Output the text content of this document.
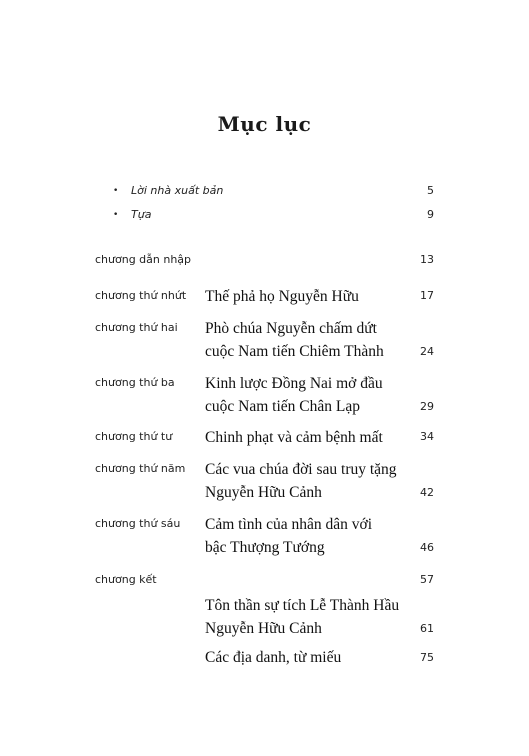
Mục lục
• Lời nhà xuất bản	5
• Tựa	9
chương dẫn nhập	13
chương thứ nhứt Thế phả họ Nguyễn Hữu	17
chương thứ hai Phò chúa Nguyễn chấm dứt
cuộc Nam tiến Chiêm Thành	24
chương thứ ba Kinh lược Đồng Nai mở đầu
cuộc Nam tiến Chân Lạp	29
chương thứ tư Chinh phạt và cảm bệnh mất	34
chương thứ năm Các vua chúa đời sau truy tặng
Nguyễn Hữu Cảnh	42
chương thứ sáu Cảm tình của nhân dân với
bậc Thượng Tướng	46
chương kết	57
Tôn thần sự tích Lễ Thành Hầu
Nguyễn Hữu Cảnh	61
Các địa danh, từ miếu	75
